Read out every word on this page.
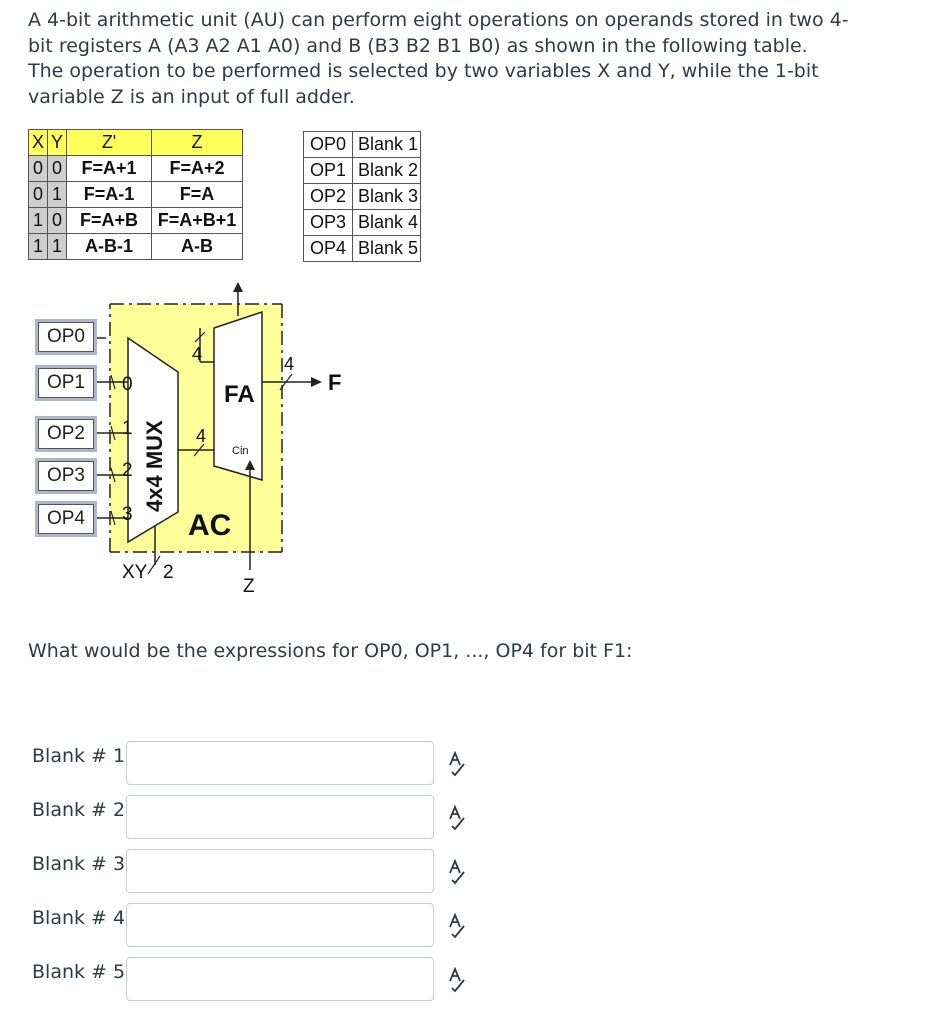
A 4-bit arithmetic unit (AU) can perform eight operations on operands stored in two 4-

bit registers A (A3 A2 A1 A0) and B (B3 B2 B1 B0) as shown in the following table.

The operation to be performed is selected by two variables X and Y, while the 1-bit

variable Z is an input of full adder.

X	Y	Z'	Z
0	0	F=A+1	F=A+2
0	1	F=A-1	F=A
1	0	F=A+B	F=A+B+1
1	1	A-B-1	A-B
OP0	Blank 1
OP1	Blank 2
OP2	Blank 3
OP3	Blank 4
OP4	Blank 5
4x4 MUX
0
1
2
3
FA
Cin
4
4
Z
AC
4
F
XY 2
OP0
OP1
OP2
OP3
OP4
What would be the expressions for OP0, OP1, ..., OP4 for bit F1:
Blank # 1
Blank # 2
Blank # 3
Blank # 4
Blank # 5
